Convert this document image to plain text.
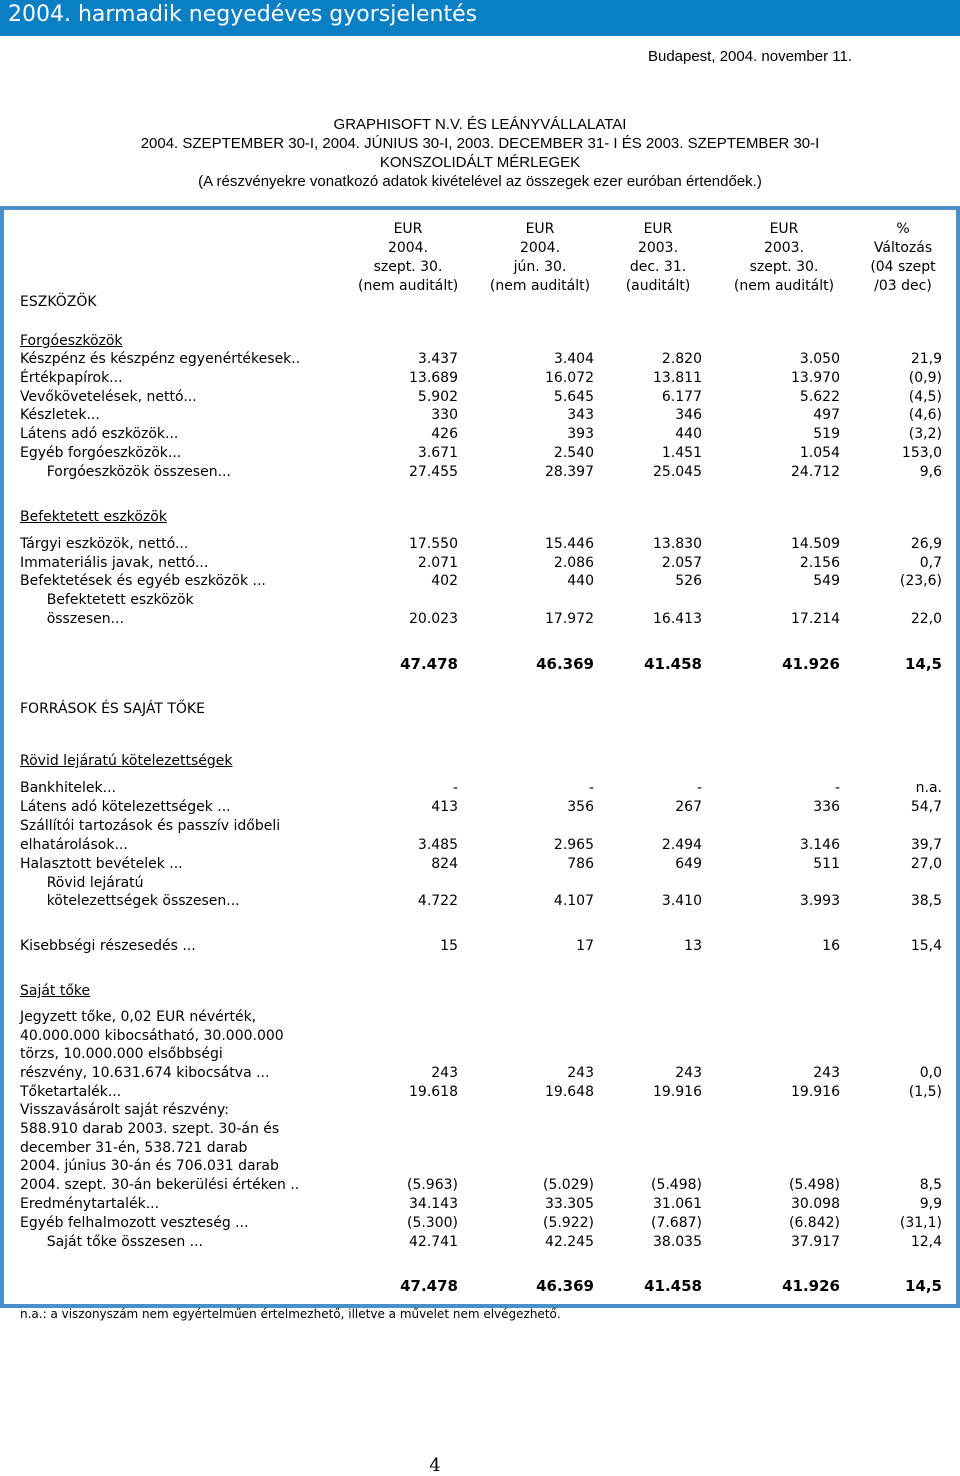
2004. harmadik negyedéves gyorsjelentés
Budapest, 2004. november 11.
GRAPHISOFT N.V. ÉS LEÁNYVÁLLALATAI
2004. SZEPTEMBER 30-I, 2004. JÚNIUS 30-I, 2003. DECEMBER 31- I ÉS 2003. SZEPTEMBER 30-I
KONSZOLIDÁLT MÉRLEGEK
(A részvényekre vonatkozó adatok kivételével az összegek ezer euróban értendőek.)
EUR
2004.
szept. 30.
(nem auditált)
EUR
2004.
jún. 30.
(nem auditált)
EUR
2003.
dec. 31.
(auditált)
EUR
2003.
szept. 30.
(nem auditált)
%
Változás
(04 szept
/03 dec)
ESZKÖZÖK
Forgóeszközök
Készpénz és készpénz egyenértékesek..	3.437	3.404	2.820	3.050	21,9
Értékpapírok...	13.689	16.072	13.811	13.970	(0,9)
Vevőkövetelések, nettó...	5.902	5.645	6.177	5.622	(4,5)
Készletek...	330	343	346	497	(4,6)
Látens adó eszközök...	426	393	440	519	(3,2)
Egyéb forgóeszközök...	3.671	2.540	1.451	1.054	153,0
Forgóeszközök összesen...	27.455	28.397	25.045	24.712	9,6
Befektetett eszközök
Tárgyi eszközök, nettó...	17.550	15.446	13.830	14.509	26,9
Immateriális javak, nettó...	2.071	2.086	2.057	2.156	0,7
Befektetések és egyéb eszközök ...	402	440	526	549	(23,6)
Befektetett eszközök
összesen...	20.023	17.972	16.413	17.214	22,0
47.478	46.369	41.458	41.926	14,5
FORRÁSOK ÉS SAJÁT TŐKE
Rövid lejáratú kötelezettségek
Bankhitelek...	-	-	-	-	n.a.
Látens adó kötelezettségek ...	413	356	267	336	54,7
Szállítói tartozások és passzív időbeli
elhatárolások...	3.485	2.965	2.494	3.146	39,7
Halasztott bevételek ...	824	786	649	511	27,0
Rövid lejáratú
kötelezettségek összesen...	4.722	4.107	3.410	3.993	38,5
Kisebbségi részesedés ...	15	17	13	16	15,4
Saját tőke
Jegyzett tőke, 0,02 EUR névérték,
40.000.000 kibocsátható, 30.000.000
törzs, 10.000.000 elsőbbségi
részvény, 10.631.674 kibocsátva ...	243	243	243	243	0,0
Tőketartalék...	19.618	19.648	19.916	19.916	(1,5)
Visszavásárolt saját részvény:
588.910 darab 2003. szept. 30-án és
december 31-én, 538.721 darab
2004. június 30-án és 706.031 darab
2004. szept. 30-án bekerülési értéken ..	(5.963)	(5.029)	(5.498)	(5.498)	8,5
Eredménytartalék...	34.143	33.305	31.061	30.098	9,9
Egyéb felhalmozott veszteség ...	(5.300)	(5.922)	(7.687)	(6.842)	(31,1)
Saját tőke összesen ...	42.741	42.245	38.035	37.917	12,4
47.478	46.369	41.458	41.926	14,5
n.a.: a viszonyszám nem egyértelműen értelmezhető, illetve a művelet nem elvégezhető.
4
